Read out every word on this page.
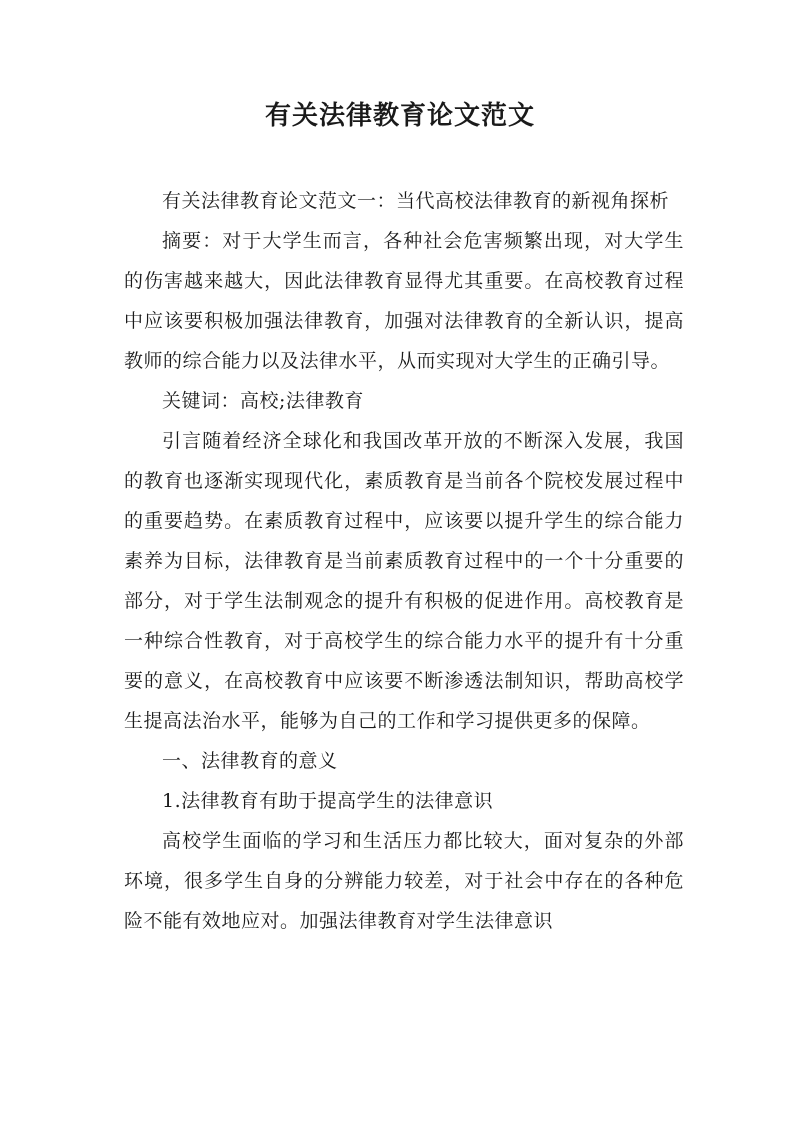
有关法律教育论文范文

有关法律教育论文范文一：当代高校法律教育的新视角探析

摘要：对于大学生而言，各种社会危害频繁出现，对大学生的伤害越来越大，因此法律教育显得尤其重要。在高校教育过程中应该要积极加强法律教育，加强对法律教育的全新认识，提高教师的综合能力以及法律水平，从而实现对大学生的正确引导。

关键词：高校;法律教育

引言随着经济全球化和我国改革开放的不断深入发展，我国的教育也逐渐实现现代化，素质教育是当前各个院校发展过程中的重要趋势。在素质教育过程中，应该要以提升学生的综合能力素养为目标，法律教育是当前素质教育过程中的一个十分重要的部分，对于学生法制观念的提升有积极的促进作用。高校教育是一种综合性教育，对于高校学生的综合能力水平的提升有十分重要的意义，在高校教育中应该要不断渗透法制知识，帮助高校学生提高法治水平，能够为自己的工作和学习提供更多的保障。

一、法律教育的意义

1.法律教育有助于提高学生的法律意识

高校学生面临的学习和生活压力都比较大，面对复杂的外部环境，很多学生自身的分辨能力较差，对于社会中存在的各种危险不能有效地应对。加强法律教育对学生法律意识
